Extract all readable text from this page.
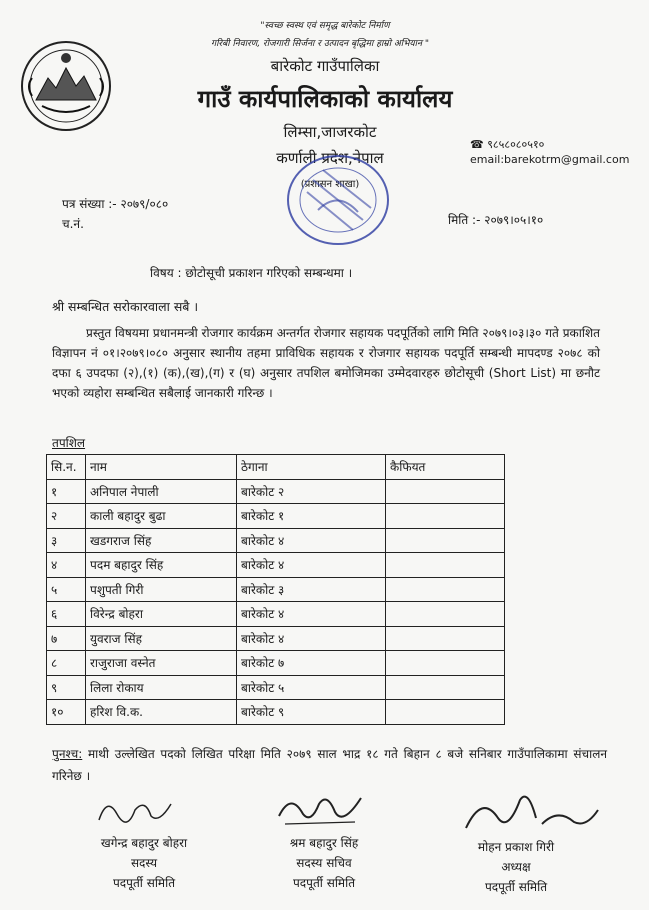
"स्वच्छ स्वस्थ एवं समृद्ध बारेकोट निर्माण
गरिबी निवारण, रोजगारी सिर्जना र उत्पादन बृद्धिमा हाम्रो अभियान "
बारेकोट गाउँपालिका
गाउँ कार्यपालिकाको कार्यालय
लिम्सा,जाजरकोट
कर्णाली प्रदेश,नेपाल
(प्रशासन शाखा)
☎ ९८५८०८०५१०
email:barekotrm@gmail.com
पत्र संख्या :- २०७९/०८०
च.नं.	मिति :- २०७९।०५।१०
विषय : छोटोसूची प्रकाशन गरिएको सम्बन्धमा ।
श्री सम्बन्धित सरोकारवाला सबै ।
प्रस्तुत विषयमा प्रधानमन्त्री रोजगार कार्यक्रम अन्तर्गत रोजगार सहायक पदपूर्तिको लागि मिति २०७९।०३।३० गते प्रकाशित विज्ञापन नं ०१।२०७९।०८० अनुसार स्थानीय तहमा प्राविधिक सहायक र रोजगार सहायक पदपूर्ति सम्बन्धी मापदण्ड २०७८ को दफा ६ उपदफा (२),(१) (क),(ख),(ग) र (घ) अनुसार तपशिल बमोजिमका उम्मेदवारहरु छोटोसूची (Short List) मा छनौट भएको व्यहोरा सम्बन्धित सबैलाई जानकारी गरिन्छ ।
तपशिल
सि.न.	नाम	ठेगाना	कैफियत
१	अनिपाल नेपाली	बारेकोट २	
२	काली बहादुर बुढा	बारेकोट १	
३	खडगराज सिंह	बारेकोट ४	
४	पदम बहादुर सिंह	बारेकोट ४	
५	पशुपती गिरी	बारेकोट ३	
६	विरेन्द्र बोहरा	बारेकोट ४	
७	युवराज सिंह	बारेकोट ४	
८	राजुराजा वस्नेत	बारेकोट ७	
९	लिला रोकाय	बारेकोट ५	
१०	हरिश वि.क.	बारेकोट ९	
पुनश्च: माथी उल्लेखित पदको लिखित परिक्षा मिति २०७९ साल भाद्र १८ गते बिहान ८ बजे सनिबार गाउँपालिकामा संचालन गरिनेछ ।
खगेन्द्र बहादुर बोहरा
सदस्य
पदपूर्ती समिति
श्रम बहादुर सिंह
सदस्य सचिव
पदपूर्ती समिति
मोहन प्रकाश गिरी
अध्यक्ष
पदपूर्ती समिति
